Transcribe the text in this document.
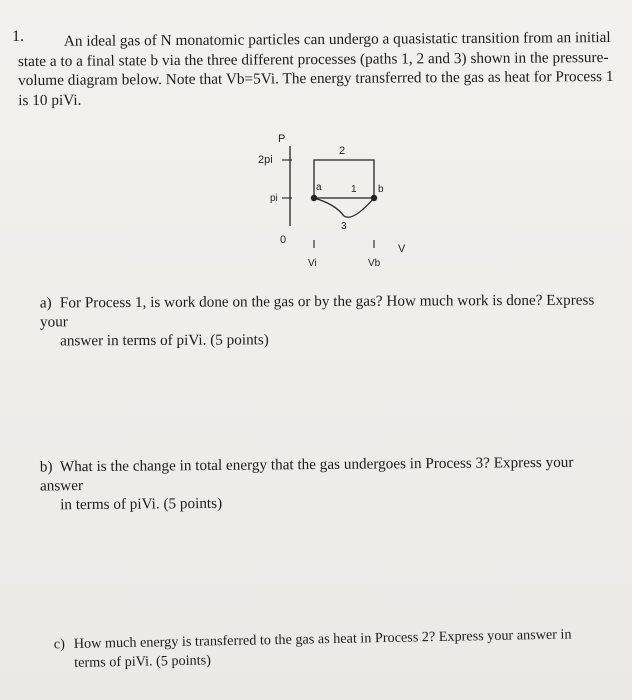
1.	An ideal gas of N monatomic particles can undergo a quasistatic transition from an initial state a to a final state b via the three different processes (paths 1, 2 and 3) shown in the pressure-volume diagram below. Note that Vb=5Vi. The energy transferred to the gas as heat for Process 1 is 10 piVi.

P
2pi
pi
0
Vi	Vb
V
a	b
1
2
3
a) For Process 1, is work done on the gas or by the gas? How much work is done? Express your
answer in terms of piVi. (5 points)
b) What is the change in total energy that the gas undergoes in Process 3? Express your answer
in terms of piVi. (5 points)
c) How much energy is transferred to the gas as heat in Process 2? Express your answer in
terms of piVi. (5 points)
